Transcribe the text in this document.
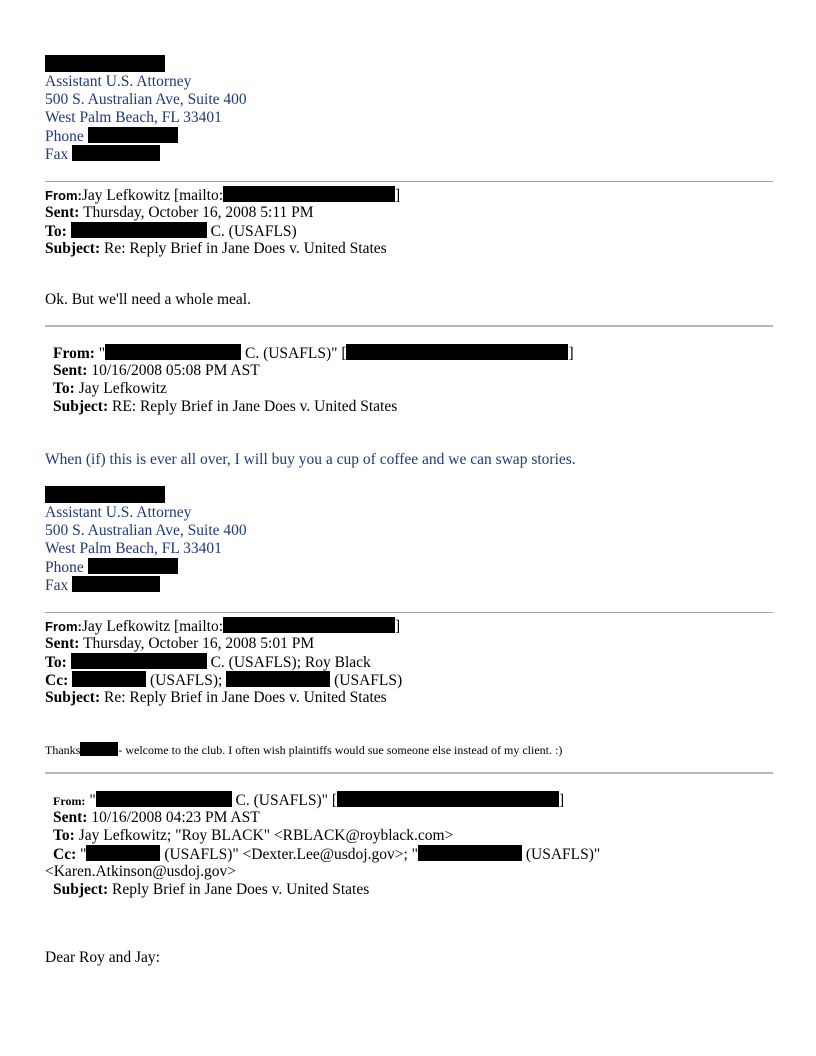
Assistant U.S. Attorney
500 S. Australian Ave, Suite 400
West Palm Beach, FL 33401
Phone
Fax
From:Jay Lefkowitz [mailto:	]
Sent: Thursday, October 16, 2008 5:11 PM
To:	C. (USAFLS)
Subject: Re: Reply Brief in Jane Does v. United States
Ok. But we'll need a whole meal.
From: "	C. (USAFLS)" [	]
Sent: 10/16/2008 05:08 PM AST
To: Jay Lefkowitz
Subject: RE: Reply Brief in Jane Does v. United States
When (if) this is ever all over, I will buy you a cup of coffee and we can swap stories.
Assistant U.S. Attorney
500 S. Australian Ave, Suite 400
West Palm Beach, FL 33401
Phone
Fax
From:Jay Lefkowitz [mailto:	]
Sent: Thursday, October 16, 2008 5:01 PM
To:	C. (USAFLS); Roy Black
Cc:	(USAFLS);	(USAFLS)
Subject: Re: Reply Brief in Jane Does v. United States
Thanks	- welcome to the club. I often wish plaintiffs would sue someone else instead of my client. :)
From: "	C. (USAFLS)" [	]
Sent: 10/16/2008 04:23 PM AST
To: Jay Lefkowitz; "Roy BLACK" <RBLACK@royblack.com>
Cc: "	(USAFLS)" <Dexter.Lee@usdoj.gov>; "	(USAFLS)"
<Karen.Atkinson@usdoj.gov>
Subject: Reply Brief in Jane Does v. United States
Dear Roy and Jay:
